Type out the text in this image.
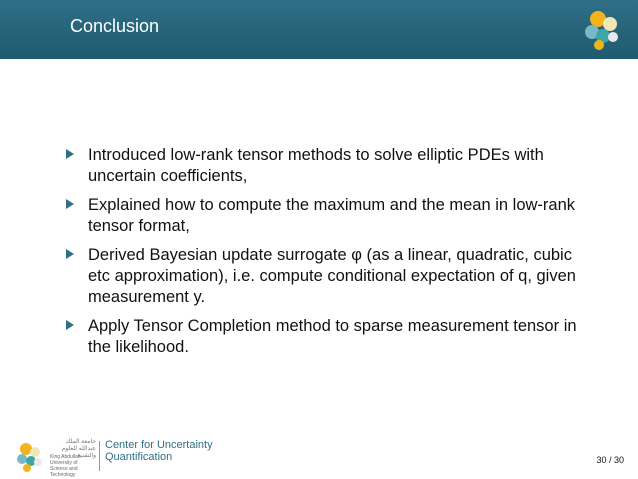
Conclusion
Introduced low-rank tensor methods to solve elliptic PDEs with uncertain coefficients,
Explained how to compute the maximum and the mean in low-rank tensor format,
Derived Bayesian update surrogate φ (as a linear, quadratic, cubic etc approximation), i.e. compute conditional expectation of q, given measurement y.
Apply Tensor Completion method to sparse measurement tensor in the likelihood.
جامعة الملك عبدالله للعلوم والتقنية
King Abdullah University of Science and Technology
Center for Uncertainty
Quantification	30 / 30
